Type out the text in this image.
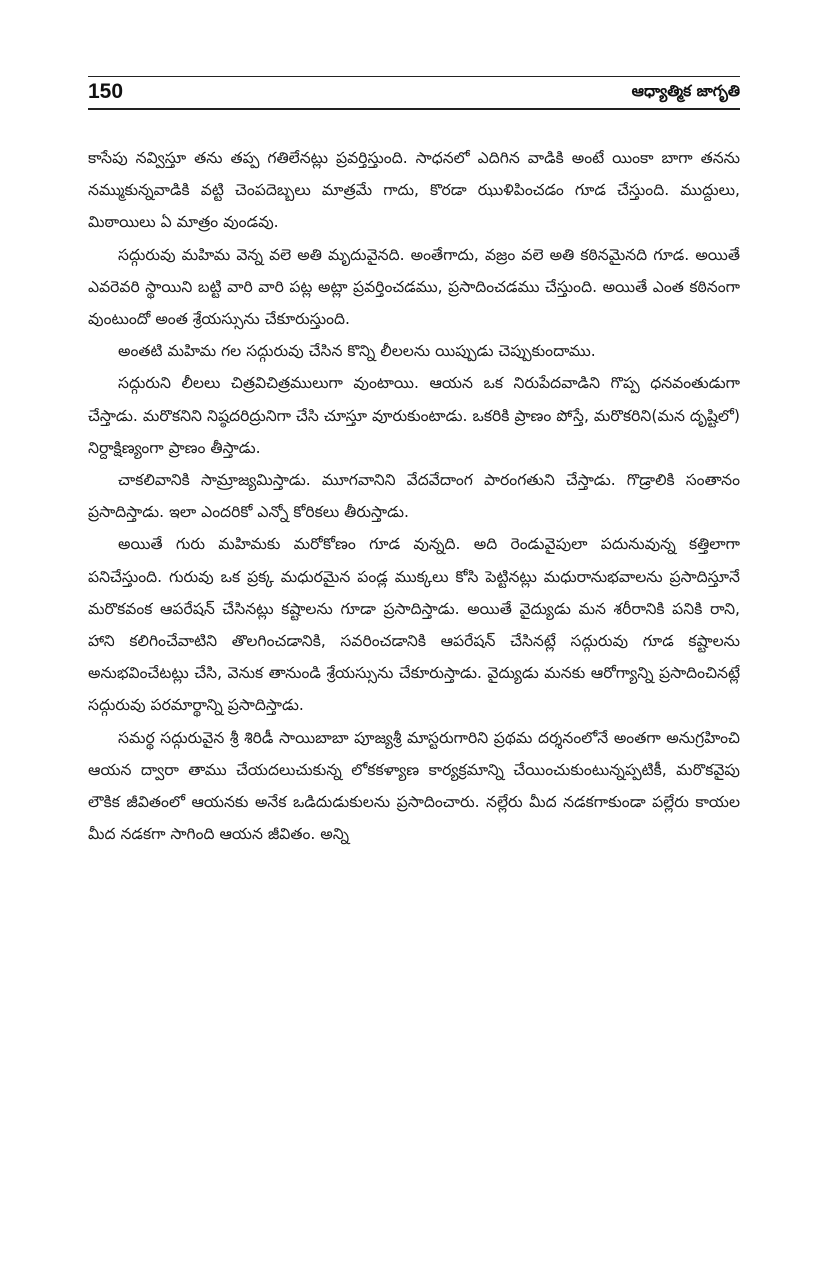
150	ఆధ్యాత్మిక జాగృతి

కాసేపు నవ్విస్తూ తను తప్ప గతిలేనట్లు ప్రవర్తిస్తుంది. సాధనలో ఎదిగిన వాడికి అంటే యింకా బాగా తనను నమ్ముకున్నవాడికి వట్టి చెంపదెబ్బలు మాత్రమే గాదు, కొరడా ఝుళిపించడం గూడ చేస్తుంది. ముద్దులు, మిఠాయిలు ఏ మాత్రం వుండవు.

సద్గురువు మహిమ వెన్న వలె అతి మృదువైనది. అంతేగాదు, వజ్రం వలె అతి కఠినమైనది గూడ. అయితే ఎవరెవరి స్థాయిని బట్టి వారి వారి పట్ల అట్లా ప్రవర్తించడము, ప్రసాదించడము చేస్తుంది. అయితే ఎంత కఠినంగా వుంటుందో అంత శ్రేయస్సును చేకూరుస్తుంది.

అంతటి మహిమ గల సద్గురువు చేసిన కొన్ని లీలలను యిప్పుడు చెప్పుకుందాము.

సద్గురుని లీలలు చిత్రవిచిత్రములుగా వుంటాయి. ఆయన ఒక నిరుపేదవాడిని గొప్ప ధనవంతుడుగా చేస్తాడు. మరొకనిని నిష్ఠదరిద్రునిగా చేసి చూస్తూ వూరుకుంటాడు. ఒకరికి ప్రాణం పోస్తే, మరొకరిని(మన దృష్టిలో) నిర్దాక్షిణ్యంగా ప్రాణం తీస్తాడు.

చాకలివానికి సామ్రాజ్యమిస్తాడు. మూగవానిని వేదవేదాంగ పారంగతుని చేస్తాడు. గొడ్రాలికి సంతానం ప్రసాదిస్తాడు. ఇలా ఎందరికో ఎన్నో కోరికలు తీరుస్తాడు.

అయితే గురు మహిమకు మరోకోణం గూడ వున్నది. అది రెండువైపులా పదునువున్న కత్తిలాగా పనిచేస్తుంది. గురువు ఒక ప్రక్క మధురమైన పండ్ల ముక్కలు కోసి పెట్టినట్లు మధురానుభవాలను ప్రసాదిస్తూనే మరొకవంక ఆపరేషన్ చేసినట్లు కష్టాలను గూడా ప్రసాదిస్తాడు. అయితే వైద్యుడు మన శరీరానికి పనికి రాని, హాని కలిగించేవాటిని తొలగించడానికి, సవరించడానికి ఆపరేషన్ చేసినట్లే సద్గురువు గూడ కష్టాలను అనుభవించేటట్లు చేసి, వెనుక తానుండి శ్రేయస్సును చేకూరుస్తాడు. వైద్యుడు మనకు ఆరోగ్యాన్ని ప్రసాదించినట్లే సద్గురువు పరమార్థాన్ని ప్రసాదిస్తాడు.

సమర్థ సద్గురువైన శ్రీ శిరిడీ సాయిబాబా పూజ్యశ్రీ మాస్టరుగారిని ప్రథమ దర్శనంలోనే అంతగా అనుగ్రహించి ఆయన ద్వారా తాము చేయదలుచుకున్న లోకకళ్యాణ కార్యక్రమాన్ని చేయించుకుంటున్నప్పటికీ, మరొకవైపు లౌకిక జీవితంలో ఆయనకు అనేక ఒడిదుడుకులను ప్రసాదించారు. నల్లేరు మీద నడకగాకుండా పల్లేరు కాయల మీద నడకగా సాగింది ఆయన జీవితం. అన్ని
